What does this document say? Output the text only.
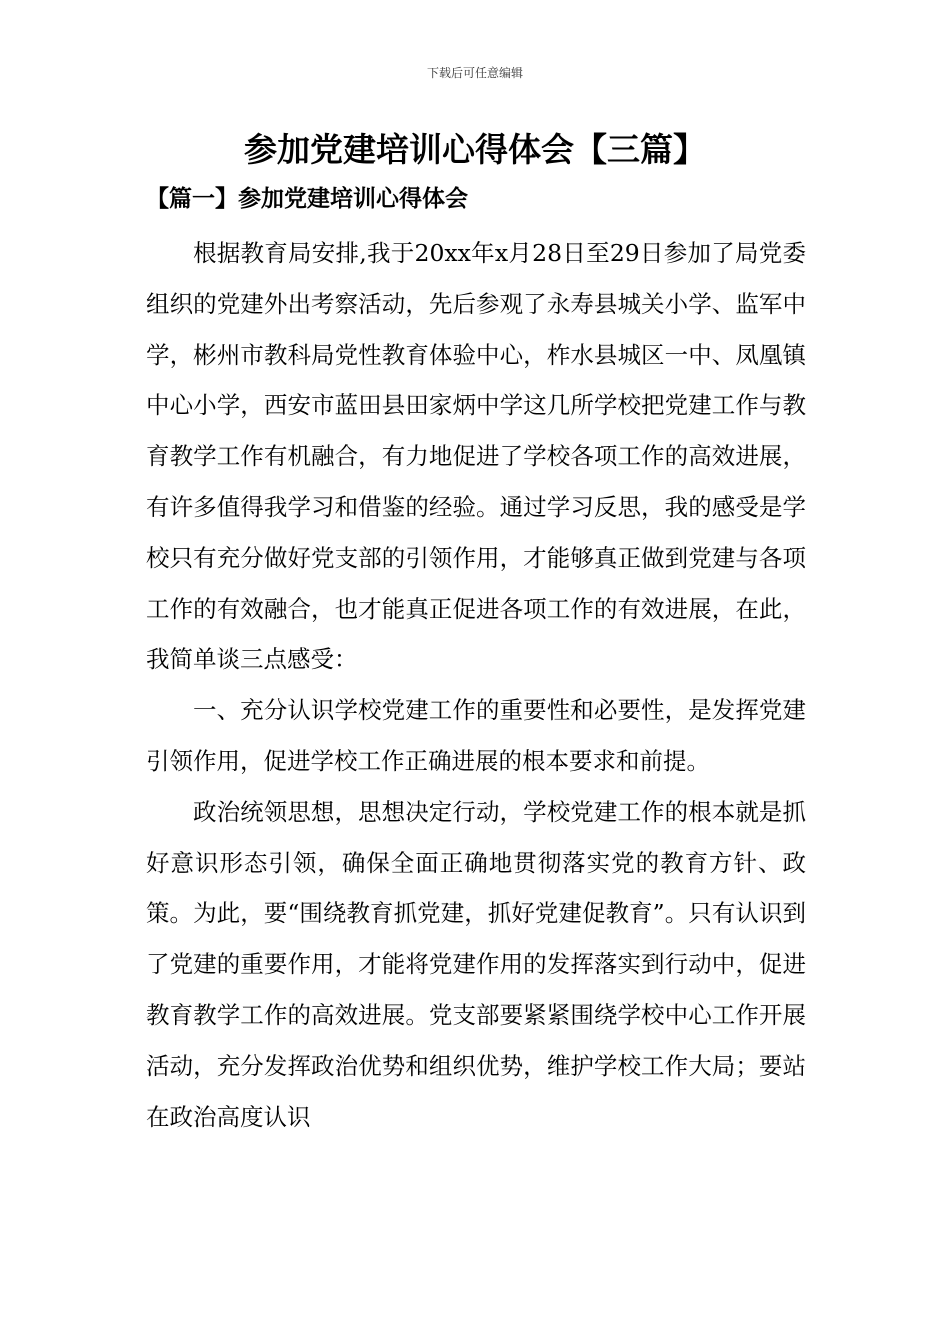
下载后可任意编辑
参加党建培训心得体会【三篇】
【篇一】参加党建培训心得体会

根据教育局安排,我于20xx年x月28日至29日参加了局党委组织的党建外出考察活动，先后参观了永寿县城关小学、监军中学，彬州市教科局党性教育体验中心，柞水县城区一中、凤凰镇中心小学，西安市蓝田县田家炳中学这几所学校把党建工作与教育教学工作有机融合，有力地促进了学校各项工作的高效进展，有许多值得我学习和借鉴的经验。通过学习反思，我的感受是学校只有充分做好党支部的引领作用，才能够真正做到党建与各项工作的有效融合，也才能真正促进各项工作的有效进展，在此，我简单谈三点感受：

一、充分认识学校党建工作的重要性和必要性，是发挥党建引领作用，促进学校工作正确进展的根本要求和前提。

政治统领思想，思想决定行动，学校党建工作的根本就是抓好意识形态引领，确保全面正确地贯彻落实党的教育方针、政策。为此，要“围绕教育抓党建，抓好党建促教育”。只有认识到了党建的重要作用，才能将党建作用的发挥落实到行动中，促进教育教学工作的高效进展。党支部要紧紧围绕学校中心工作开展活动，充分发挥政治优势和组织优势，维护学校工作大局；要站在政治高度认识
